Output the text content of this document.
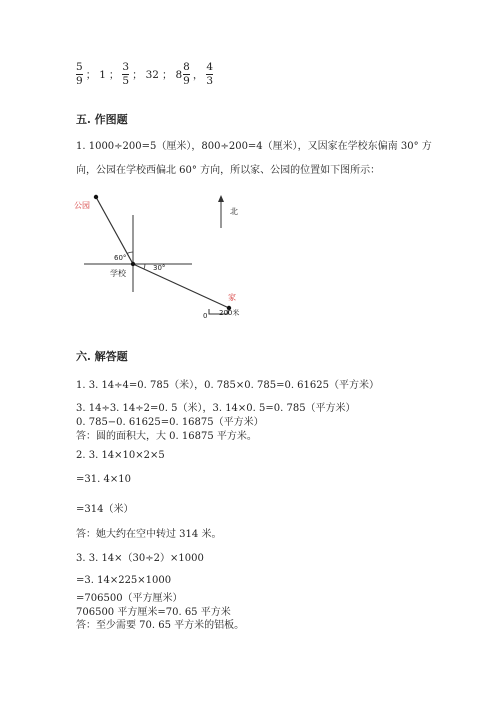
$\frac{5}{9}$ ； 1 ； $\frac{3}{5}$ ； 32 ； $8 \frac{8}{9}$ ， $\frac{4}{3}$
五. 作图题
1. 1000÷200=5（厘米），800÷200=4（厘米），又因家在学校东偏南 30° 方
向，公园在学校西偏北 60° 方向，所以家、公园的位置如下图所示：
公园
学校
家
北
60°
30°
0 200米
六. 解答题
1. 3. 14÷4=0. 785（米），0. 785×0. 785=0. 61625（平方米）
3. 14÷3. 14÷2=0. 5（米），3. 14×0. 5=0. 785（平方米）
0. 785−0. 61625=0. 16875（平方米）
答：圆的面积大，大 0. 16875 平方米。
2. 3. 14×10×2×5
=31. 4×10
=314（米）
答：她大约在空中转过 314 米。
3. 3. 14×（30÷2）×1000
=3. 14×225×1000
=706500（平方厘米）
706500 平方厘米=70. 65 平方米
答：至少需要 70. 65 平方米的铝板。
